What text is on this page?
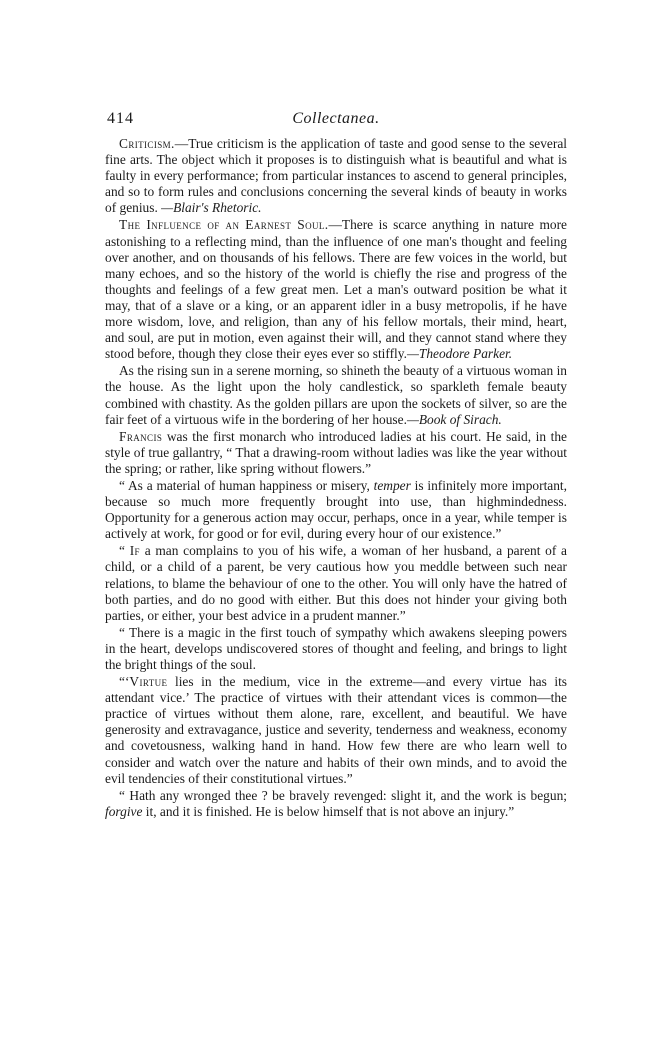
414	Collectanea.

Criticism.—True criticism is the application of taste and good sense to the several fine arts. The object which it proposes is to distinguish what is beautiful and what is faulty in every performance; from particular instances to ascend to general principles, and so to form rules and conclusions concerning the several kinds of beauty in works of genius. —Blair's Rhetoric.

The Influence of an Earnest Soul.—There is scarce anything in nature more astonishing to a reflecting mind, than the influence of one man's thought and feeling over another, and on thousands of his fellows. There are few voices in the world, but many echoes, and so the history of the world is chiefly the rise and progress of the thoughts and feelings of a few great men. Let a man's outward position be what it may, that of a slave or a king, or an apparent idler in a busy metropolis, if he have more wisdom, love, and religion, than any of his fellow mortals, their mind, heart, and soul, are put in motion, even against their will, and they cannot stand where they stood before, though they close their eyes ever so stiffly.—Theodore Parker.

As the rising sun in a serene morning, so shineth the beauty of a virtuous woman in the house. As the light upon the holy candlestick, so sparkleth female beauty combined with chastity. As the golden pillars are upon the sockets of silver, so are the fair feet of a virtuous wife in the bordering of her house.—Book of Sirach.

Francis was the first monarch who introduced ladies at his court. He said, in the style of true gallantry, “ That a drawing-room without ladies was like the year without the spring; or rather, like spring without flowers.”

“ As a material of human happiness or misery, temper is infinitely more important, because so much more frequently brought into use, than highmindedness. Opportunity for a generous action may occur, perhaps, once in a year, while temper is actively at work, for good or for evil, during every hour of our existence.”

“ If a man complains to you of his wife, a woman of her husband, a parent of a child, or a child of a parent, be very cautious how you meddle between such near relations, to blame the behaviour of one to the other. You will only have the hatred of both parties, and do no good with either. But this does not hinder your giving both parties, or either, your best advice in a prudent manner.”

“ There is a magic in the first touch of sympathy which awakens sleeping powers in the heart, develops undiscovered stores of thought and feeling, and brings to light the bright things of the soul.

“‘Virtue lies in the medium, vice in the extreme—and every virtue has its attendant vice.’ The practice of virtues with their attendant vices is common—the practice of virtues without them alone, rare, excellent, and beautiful. We have generosity and extravagance, justice and severity, tenderness and weakness, economy and covetousness, walking hand in hand. How few there are who learn well to consider and watch over the nature and habits of their own minds, and to avoid the evil tendencies of their constitutional virtues.”

“ Hath any wronged thee ? be bravely revenged: slight it, and the work is begun; forgive it, and it is finished. He is below himself that is not above an injury.”
